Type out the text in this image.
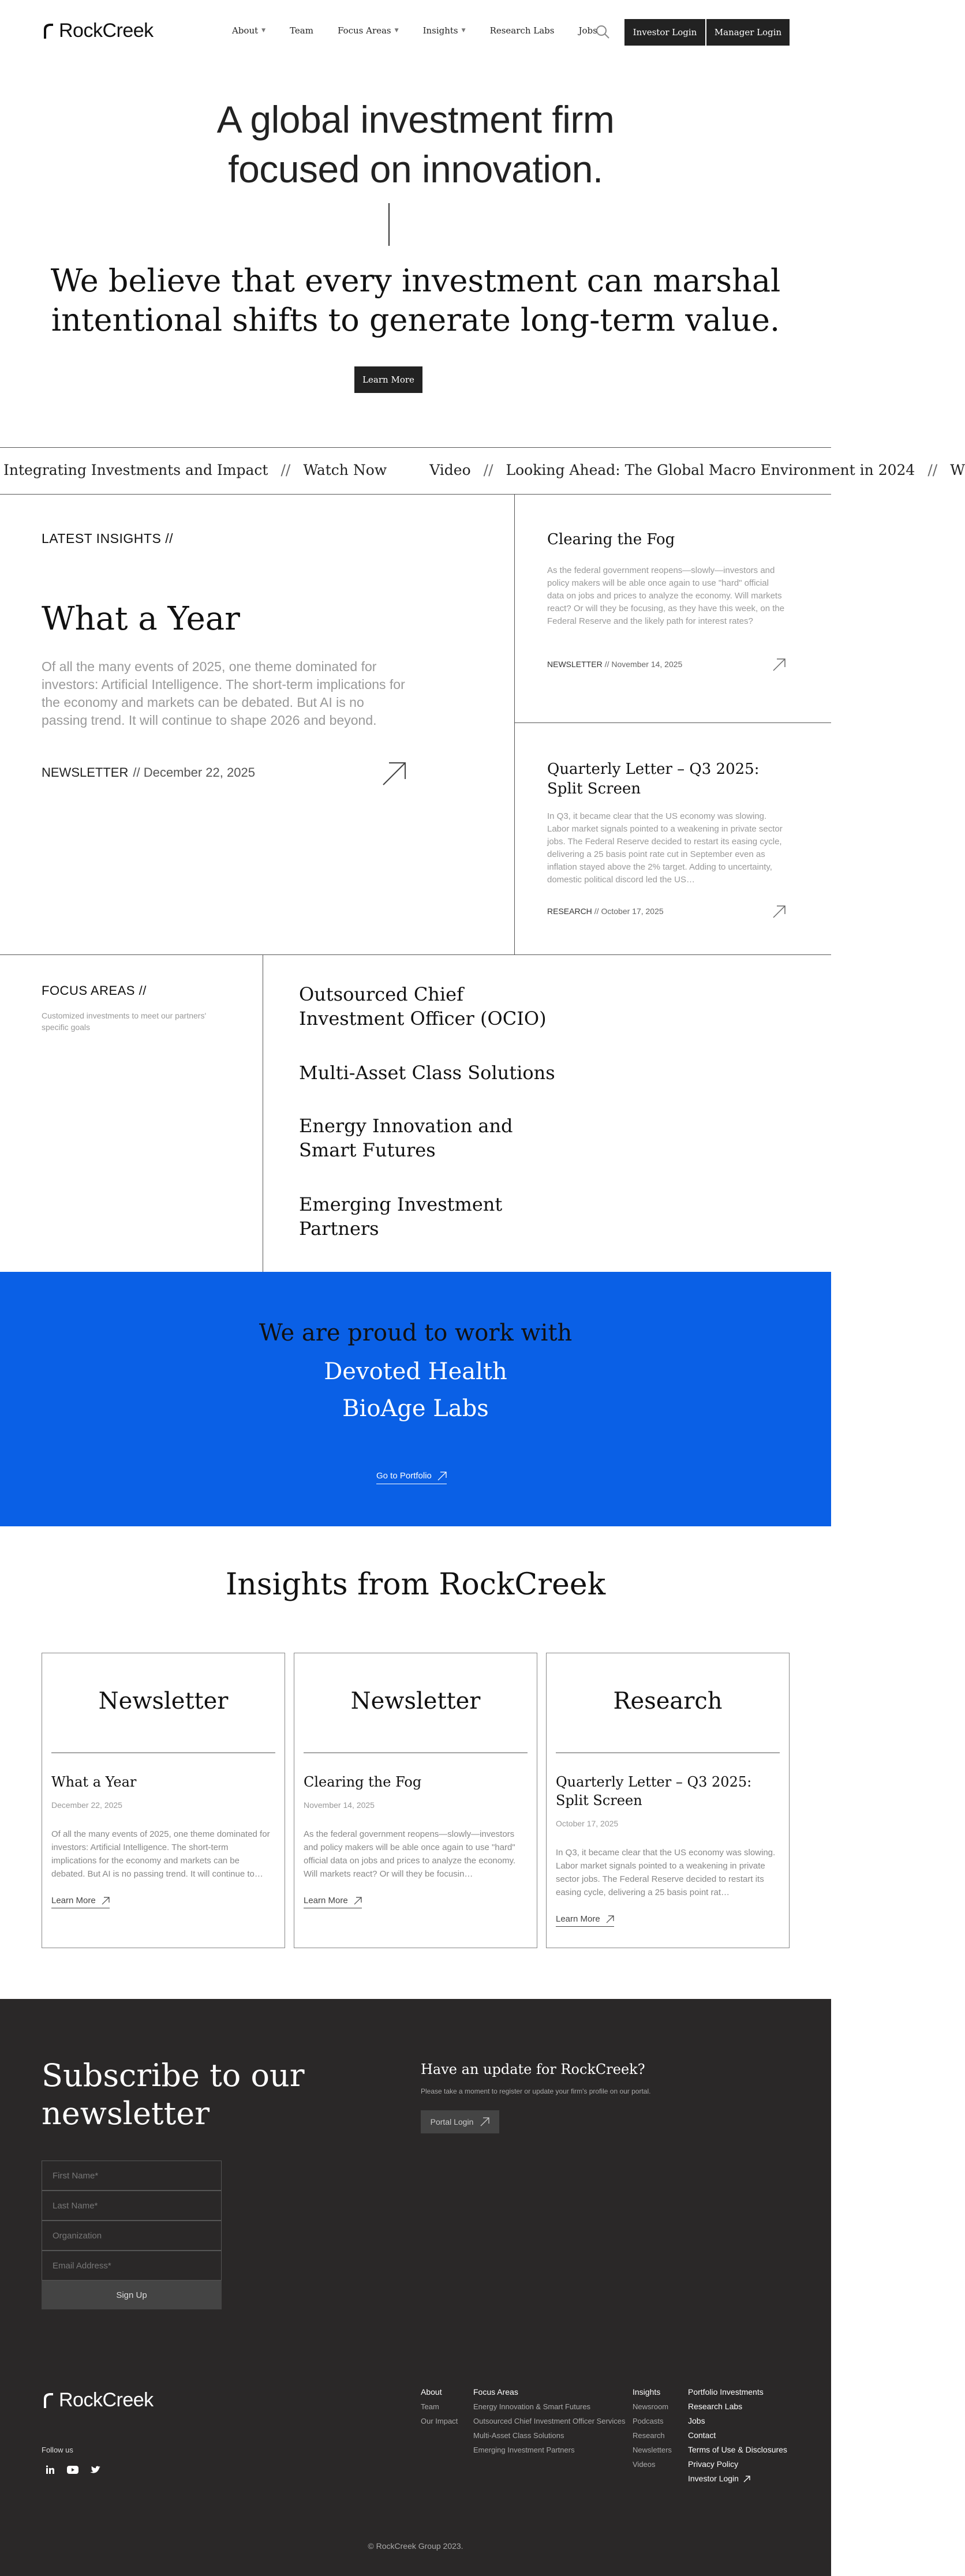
RockCreek	About ▼	Team	Focus Areas ▼	Insights ▼	Research Labs	Jobs	Investor Login	Manager Login
A global investment firm
focused on innovation.
We believe that every investment can marshal
intentional shifts to generate long-term value.
Learn More
Integrating Investments and Impact // Watch Now	Video // Looking Ahead: The Global Macro Environment in 2024 // W
LATEST INSIGHTS //
What a Year
Of all the many events of 2025, one theme dominated for investors: Artificial Intelligence. The short-term implications for the economy and markets can be debated. But AI is no passing trend. It will continue to shape 2026 and beyond.
NEWSLETTER // December 22, 2025
Clearing the Fog
As the federal government reopens—slowly—investors and policy makers will be able once again to use "hard" official data on jobs and prices to analyze the economy. Will markets react? Or will they be focusing, as they have this week, on the Federal Reserve and the likely path for interest rates?
NEWSLETTER // November 14, 2025
Quarterly Letter – Q3 2025: Split Screen
In Q3, it became clear that the US economy was slowing. Labor market signals pointed to a weakening in private sector jobs. The Federal Reserve decided to restart its easing cycle, delivering a 25 basis point rate cut in September even as inflation stayed above the 2% target. Adding to uncertainty, domestic political discord led the US…
RESEARCH // October 17, 2025
FOCUS AREAS //
Customized investments to meet our partners' specific goals
Outsourced Chief
Investment Officer (OCIO)
Multi-Asset Class Solutions
Energy Innovation and
Smart Futures
Emerging Investment
Partners
We are proud to work with
Devoted Health
BioAge Labs
Go to Portfolio
Insights from RockCreek
Newsletter
What a Year
December 22, 2025
Of all the many events of 2025, one theme dominated for investors: Artificial Intelligence. The short-term implications for the economy and markets can be debated. But AI is no passing trend. It will continue to…
Learn More
Newsletter
Clearing the Fog
November 14, 2025
As the federal government reopens—slowly—investors and policy makers will be able once again to use "hard" official data on jobs and prices to analyze the economy. Will markets react? Or will they be focusin…
Learn More
Research
Quarterly Letter – Q3 2025: Split Screen
October 17, 2025
In Q3, it became clear that the US economy was slowing. Labor market signals pointed to a weakening in private sector jobs. The Federal Reserve decided to restart its easing cycle, delivering a 25 basis point rat…
Learn More
Subscribe to our
newsletter
First Name*
Last Name*
Organization
Email Address*
Sign Up
Have an update for RockCreek?
Please take a moment to register or update your firm's profile on our portal.
Portal Login
RockCreek
Follow us
About
Team
Our Impact
Focus Areas
Energy Innovation & Smart Futures
Outsourced Chief Investment Officer Services
Multi-Asset Class Solutions
Emerging Investment Partners
Insights
Newsroom
Podcasts
Research
Newsletters
Videos
Portfolio Investments
Research Labs
Jobs
Contact
Terms of Use & Disclosures
Privacy Policy
Investor Login
© RockCreek Group 2023.
